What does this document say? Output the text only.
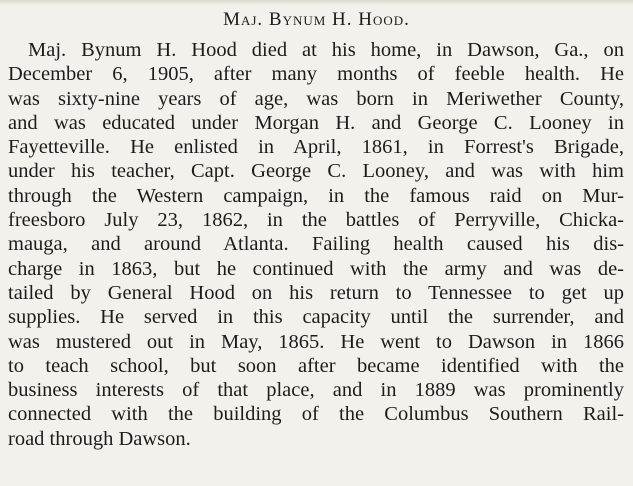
Maj. Bynum H. Hood.
Maj. Bynum H. Hood died at his home, in Dawson, Ga., on
December 6, 1905, after many months of feeble health. He
was sixty-nine years of age, was born in Meriwether County,
and was educated under Morgan H. and George C. Looney in
Fayetteville. He enlisted in April, 1861, in Forrest's Brigade,
under his teacher, Capt. George C. Looney, and was with him
through the Western campaign, in the famous raid on Mur-
freesboro July 23, 1862, in the battles of Perryville, Chicka-
mauga, and around Atlanta. Failing health caused his dis-
charge in 1863, but he continued with the army and was de-
tailed by General Hood on his return to Tennessee to get up
supplies. He served in this capacity until the surrender, and
was mustered out in May, 1865. He went to Dawson in 1866
to teach school, but soon after became identified with the
business interests of that place, and in 1889 was prominently
connected with the building of the Columbus Southern Rail-
road through Dawson.
